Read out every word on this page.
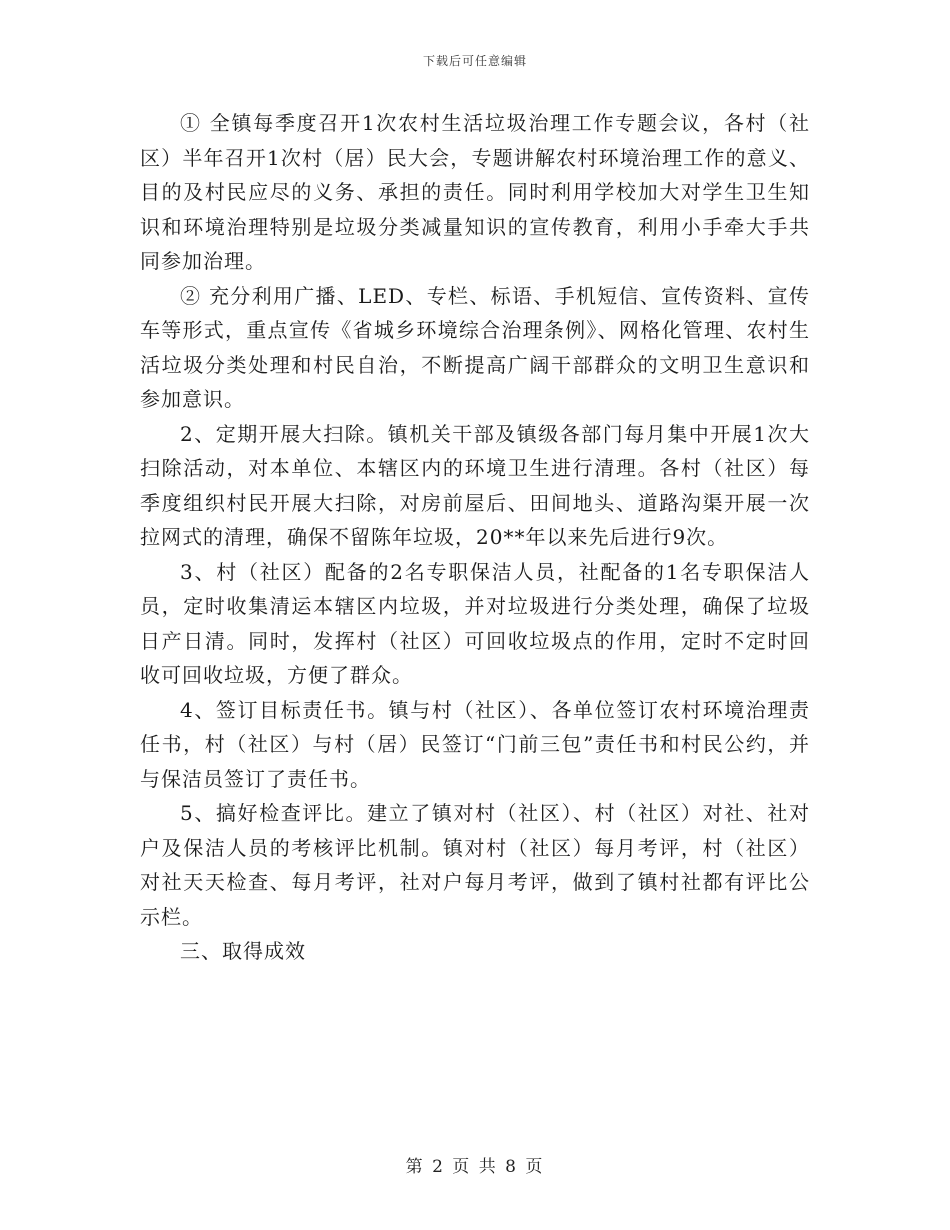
下载后可任意编辑

① 全镇每季度召开1次农村生活垃圾治理工作专题会议，各村（社区）半年召开1次村（居）民大会，专题讲解农村环境治理工作的意义、目的及村民应尽的义务、承担的责任。同时利用学校加大对学生卫生知识和环境治理特别是垃圾分类减量知识的宣传教育，利用小手牵大手共同参加治理。

② 充分利用广播、LED、专栏、标语、手机短信、宣传资料、宣传车等形式，重点宣传《省城乡环境综合治理条例》、网格化管理、农村生活垃圾分类处理和村民自治，不断提高广阔干部群众的文明卫生意识和参加意识。

2、定期开展大扫除。镇机关干部及镇级各部门每月集中开展1次大扫除活动，对本单位、本辖区内的环境卫生进行清理。各村（社区）每季度组织村民开展大扫除，对房前屋后、田间地头、道路沟渠开展一次拉网式的清理，确保不留陈年垃圾，20**年以来先后进行9次。

3、村（社区）配备的2名专职保洁人员，社配备的1名专职保洁人员，定时收集清运本辖区内垃圾，并对垃圾进行分类处理，确保了垃圾日产日清。同时，发挥村（社区）可回收垃圾点的作用，定时不定时回收可回收垃圾，方便了群众。

4、签订目标责任书。镇与村（社区）、各单位签订农村环境治理责任书，村（社区）与村（居）民签订“门前三包”责任书和村民公约，并与保洁员签订了责任书。

5、搞好检查评比。建立了镇对村（社区）、村（社区）对社、社对户及保洁人员的考核评比机制。镇对村（社区）每月考评，村（社区）对社天天检查、每月考评，社对户每月考评，做到了镇村社都有评比公示栏。

三、取得成效

第 2 页 共 8 页
